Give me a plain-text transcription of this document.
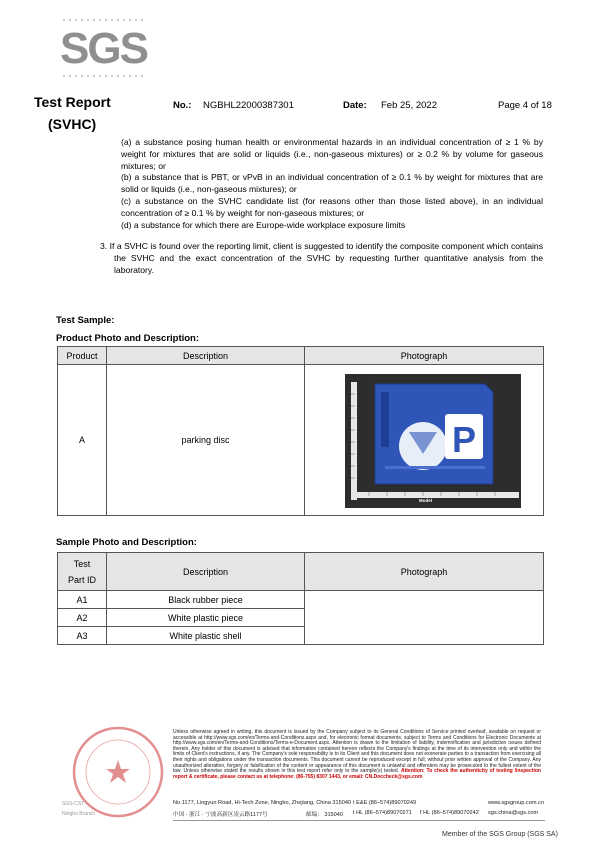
SGS
Test Report
(SVHC)
No.: NGBHL22000387301	Date: Feb 25, 2022	Page 4 of 18
(a) a substance posing human health or environmental hazards in an individual concentration of ≥ 1 % by weight for mixtures that are solid or liquids (i.e., non-gaseous mixtures) or ≥ 0.2 % by volume for gaseous mixtures; or
(b) a substance that is PBT, or vPvB in an individual concentration of ≥ 0.1 % by weight for mixtures that are solid or liquids (i.e., non-gaseous mixtures); or
(c) a substance on the SVHC candidate list (for reasons other than those listed above), in an individual concentration of ≥ 0.1 % by weight for non-gaseous mixtures; or
(d) a substance for which there are Europe-wide workplace exposure limits
3. If a SVHC is found over the reporting limit, client is suggested to identify the composite component which contains the SVHC and the exact concentration of the SVHC by requesting further quantitative analysis from the laboratory.
Test Sample:
Product Photo and Description:
Product	Description	Photograph
A	parking disc		P
Model
Sample Photo and Description:
Test
Part ID	Description	Photograph
A1	Black rubber piece	
A2	White plastic piece	
A3	White plastic shell	
SGS-CST
Ningbo Branch
Unless otherwise agreed in writing, this document is issued by the Company subject to its General Conditions of Service printed overleaf, available on request or accessible at http://www.sgs.com/en/Terms-and-Conditions.aspx and, for electronic format documents, subject to Terms and Conditions for Electronic Documents at http://www.sgs.com/en/Terms-and-Conditions/Terms-e-Document.aspx. Attention is drawn to the limitation of liability, indemnification and jurisdiction issues defined therein. Any holder of this document is advised that information contained hereon reflects the Company's findings at the time of its intervention only and within the limits of Client's instructions, if any. The Company's sole responsibility is to its Client and this document does not exonerate parties to a transaction from exercising all their rights and obligations under the transaction documents. This document cannot be reproduced except in full, without prior written approval of the Company. Any unauthorized alteration, forgery or falsification of the content or appearance of this document is unlawful and offenders may be prosecuted to the fullest extent of the law. Unless otherwise stated the results shown in this test report refer only to the sample(s) tested. Attention: To check the authenticity of testing /inspection report & certificate, please contact us at telephone: (86-755) 8307 1443, or email: CN.Doccheck@sgs.com
No.1177, Lingyun Road, Hi-Tech Zone, Ningbo, Zhejiang, China 315040 t E&E (86–574)89070249	www.sgsgroup.com.cn
中国 · 浙江 · 宁波高新区凌云路1177号	邮编： 315040 t HL (86–574)89070271 f HL (86–574)89070242 sgs.china@sgs.com
Member of the SGS Group (SGS SA)
